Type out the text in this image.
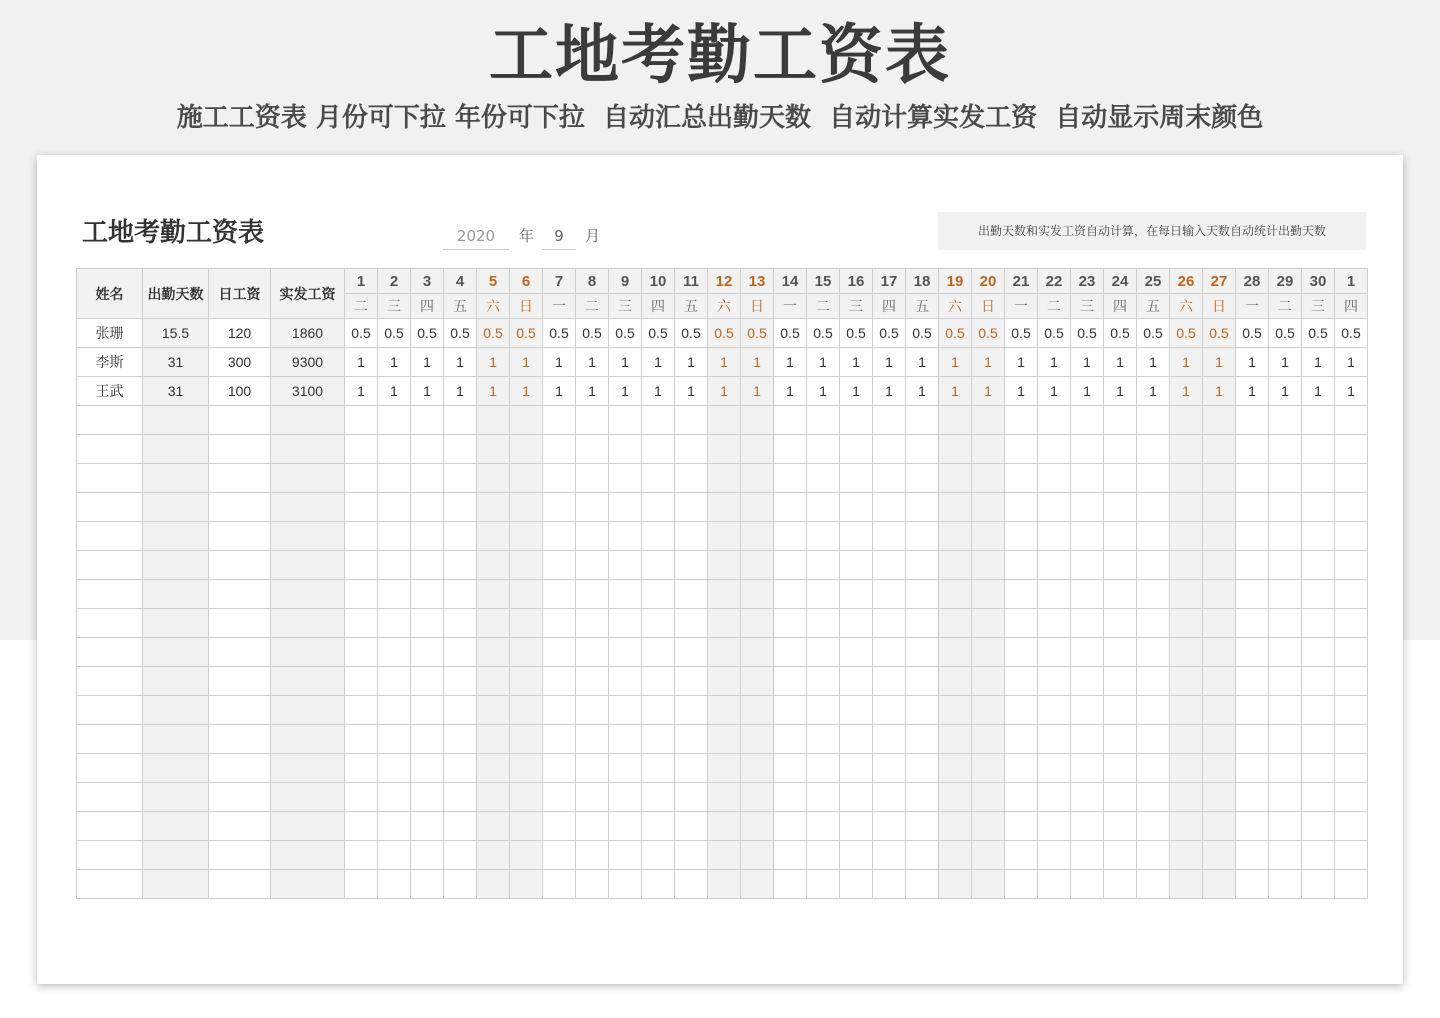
工地考勤工资表
施工工资表 月份可下拉 年份可下拉  自动汇总出勤天数  自动计算实发工资  自动显示周末颜色
工地考勤工资表	2020	年	9	月	出勤天数和实发工资自动计算，在每日输入天数自动统计出勤天数
姓名	出勤天数	日工资	实发工资	1	2	3	4	5	6	7	8	9	10	11	12	13	14	15	16	17	18	19	20	21	22	23	24	25	26	27	28	29	30	1
				二	三	四	五	六	日	一	二	三	四	五	六	日	一	二	三	四	五	六	日	一	二	三	四	五	六	日	一	二	三	四
张珊	15.5	120	1860	0.5	0.5	0.5	0.5	0.5	0.5	0.5	0.5	0.5	0.5	0.5	0.5	0.5	0.5	0.5	0.5	0.5	0.5	0.5	0.5	0.5	0.5	0.5	0.5	0.5	0.5	0.5	0.5	0.5	0.5	0.5
李斯	31	300	9300	1	1	1	1	1	1	1	1	1	1	1	1	1	1	1	1	1	1	1	1	1	1	1	1	1	1	1	1	1	1	1
王武	31	100	3100	1	1	1	1	1	1	1	1	1	1	1	1	1	1	1	1	1	1	1	1	1	1	1	1	1	1	1	1	1	1	1
